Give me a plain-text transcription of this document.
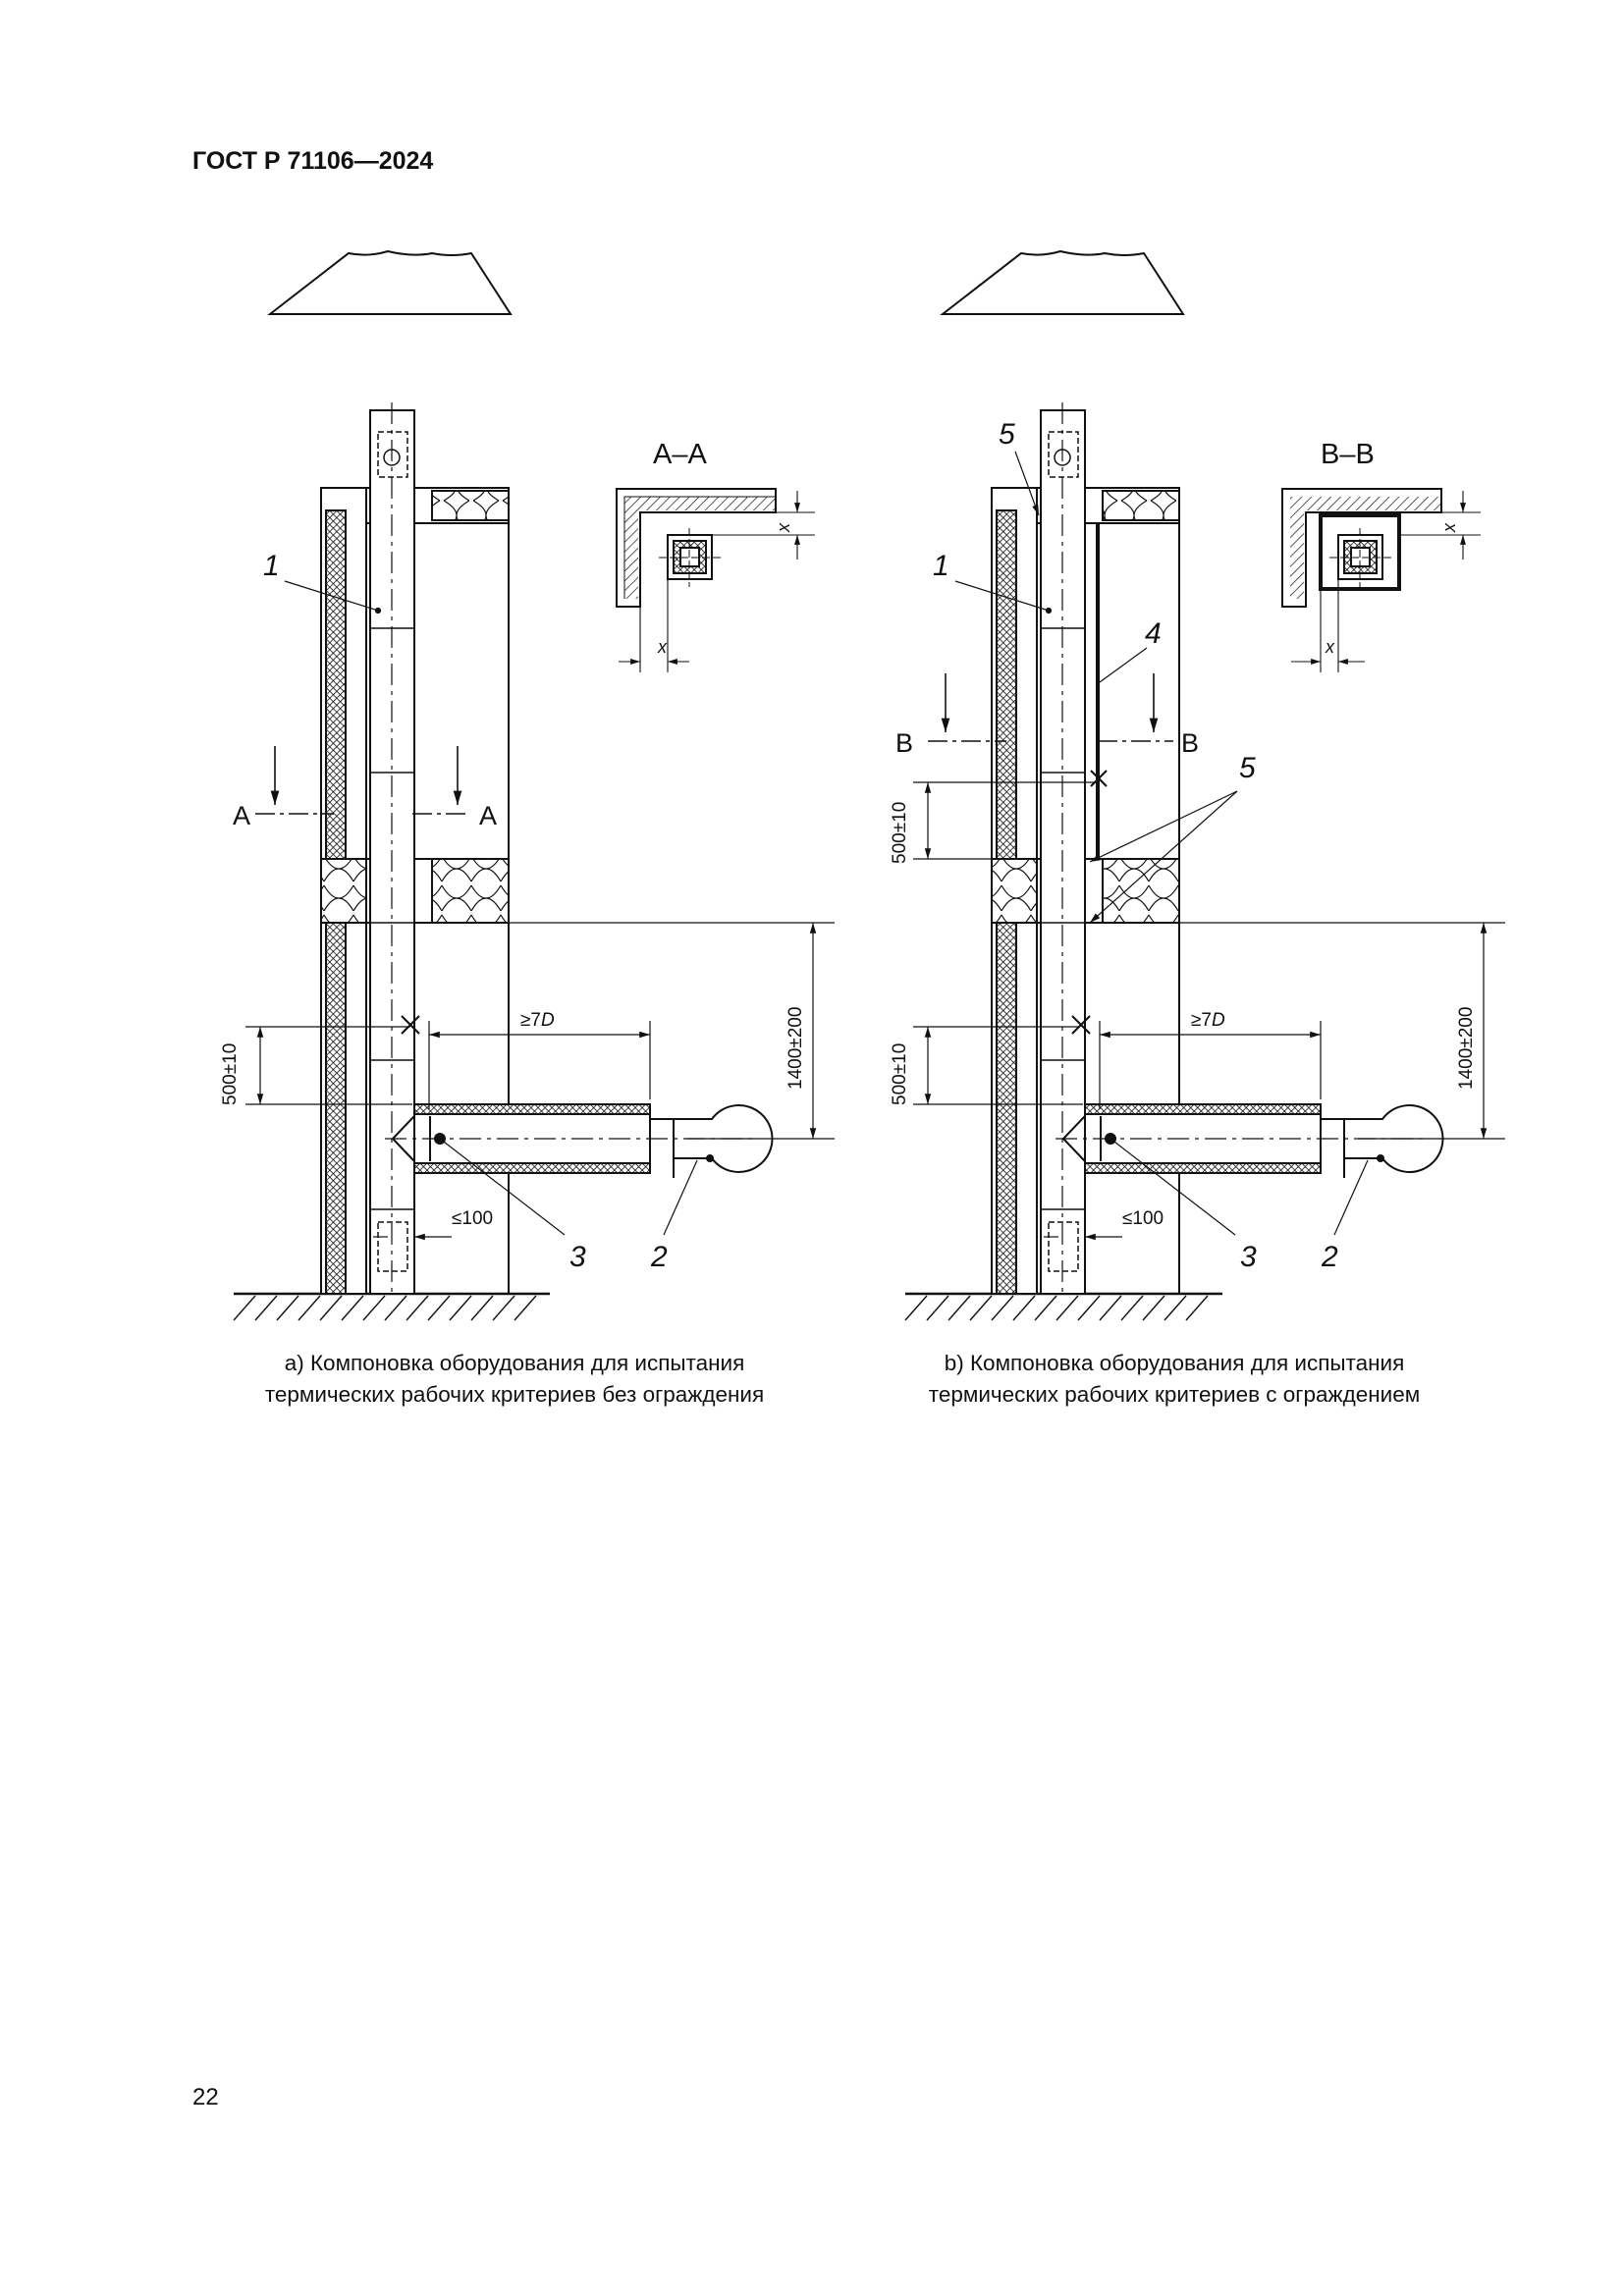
ГОСТ Р 71106—2024
А–А
А	А
1
2
3
500±10	1400±200
≥7D
≤100
x
x
В–В
В	В
1
2
3
4
5
5
500±10
500±10	1400±200
≥7D
≤100
x
x
а) Компоновка оборудования для испытания
термических рабочих критериев без ограждения
b) Компоновка оборудования для испытания
термических рабочих критериев с ограждением
22
